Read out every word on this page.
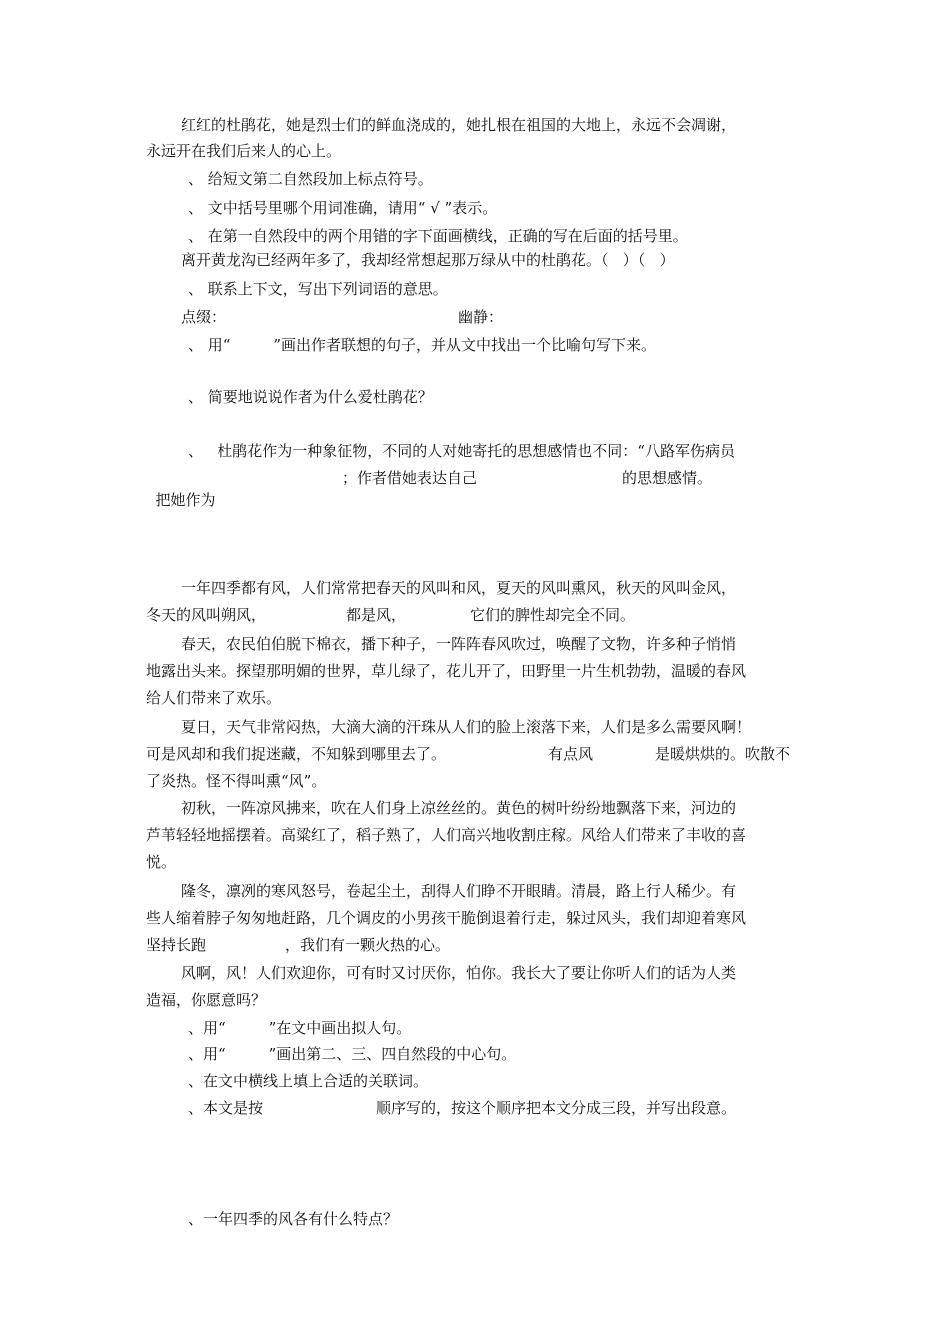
红红的杜鹃花，她是烈士们的鲜血浇成的，她扎根在祖国的大地上，永远不会凋谢，
永远开在我们后来人的心上。
、 给短文第二自然段加上标点符号。
、 文中括号里哪个用词准确，请用“ √ ”表示。
、 在第一自然段中的两个用错的字下面画横线，正确的写在后面的括号里。
离开黄龙沟已经两年多了，我却经常想起那万绿从中的杜鹃花。（   ）（   ）
、 联系上下文，写出下列词语的意思。
点缀：	幽静：
、 用“         ”画出作者联想的句子，并从文中找出一个比喻句写下来。
、 简要地说说作者为什么爱杜鹃花？
、   杜鹃花作为一种象征物，不同的人对她寄托的思想感情也不同：“八路军伤病员

把她作为

；作者借她表达自己	的思想感情。
一年四季都有风，人们常常把春天的风叫和风，夏天的风叫熏风，秋天的风叫金风，
冬天的风叫朔风，	都是风，	它们的脾性却完全不同。
春天，农民伯伯脱下棉衣，播下种子，一阵阵春风吹过，唤醒了文物，许多种子悄悄
地露出头来。探望那明媚的世界，草儿绿了，花儿开了，田野里一片生机勃勃，温暖的春风
给人们带来了欢乐。
夏日，天气非常闷热，大滴大滴的汗珠从人们的脸上滚落下来，人们是多么需要风啊！
可是风却和我们捉迷藏，不知躲到哪里去了。	有点风	是暖烘烘的。吹散不
了炎热。怪不得叫熏“风”。
初秋，一阵凉风拂来，吹在人们身上凉丝丝的。黄色的树叶纷纷地飘落下来，河边的
芦苇轻轻地摇摆着。高粱红了，稻子熟了，人们高兴地收割庄稼。风给人们带来了丰收的喜
悦。
隆冬，凛冽的寒风怒号，卷起尘土，刮得人们睁不开眼睛。清晨，路上行人稀少。有
些人缩着脖子匆匆地赶路，几个调皮的小男孩干脆倒退着行走，躲过风头，我们却迎着寒风
坚持长跑	，我们有一颗火热的心。
风啊，风！人们欢迎你，可有时又讨厌你，怕你。我长大了要让你听人们的话为人类
造福，你愿意吗？
、用“         ”在文中画出拟人句。
、用“         ”画出第二、三、四自然段的中心句。
、在文中横线上填上合适的关联词。
、本文是按	顺序写的，按这个顺序把本文分成三段，并写出段意。
、一年四季的风各有什么特点？
